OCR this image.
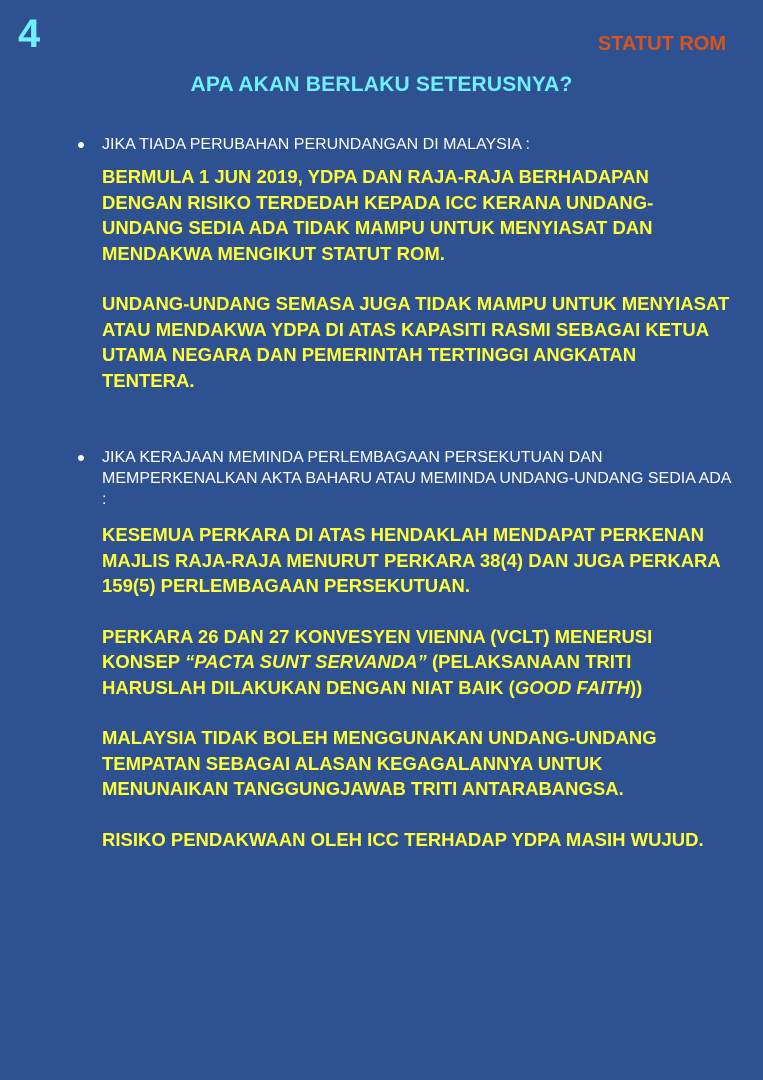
4	STATUT ROM
APA AKAN BERLAKU SETERUSNYA?
JIKA TIADA PERUBAHAN PERUNDANGAN DI MALAYSIA :
BERMULA 1 JUN 2019, YDPA DAN RAJA-RAJA BERHADAPAN DENGAN RISIKO TERDEDAH KEPADA ICC KERANA UNDANG-UNDANG SEDIA ADA TIDAK MAMPU UNTUK MENYIASAT DAN MENDAKWA MENGIKUT STATUT ROM.
UNDANG-UNDANG SEMASA JUGA TIDAK MAMPU UNTUK MENYIASAT ATAU MENDAKWA YDPA DI ATAS KAPASITI RASMI SEBAGAI KETUA UTAMA NEGARA DAN PEMERINTAH TERTINGGI ANGKATAN TENTERA.
JIKA KERAJAAN MEMINDA PERLEMBAGAAN PERSEKUTUAN DAN MEMPERKENALKAN AKTA BAHARU ATAU MEMINDA UNDANG-UNDANG SEDIA ADA :
KESEMUA PERKARA DI ATAS HENDAKLAH MENDAPAT PERKENAN MAJLIS RAJA-RAJA MENURUT PERKARA 38(4) DAN JUGA PERKARA 159(5) PERLEMBAGAAN PERSEKUTUAN.
PERKARA 26 DAN 27 KONVESYEN VIENNA (VCLT) MENERUSI KONSEP “PACTA SUNT SERVANDA” (PELAKSANAAN TRITI HARUSLAH DILAKUKAN DENGAN NIAT BAIK (GOOD FAITH))
MALAYSIA TIDAK BOLEH MENGGUNAKAN UNDANG-UNDANG TEMPATAN SEBAGAI ALASAN KEGAGALANNYA UNTUK MENUNAIKAN TANGGUNGJAWAB TRITI ANTARABANGSA.
RISIKO PENDAKWAAN OLEH ICC TERHADAP YDPA MASIH WUJUD.
